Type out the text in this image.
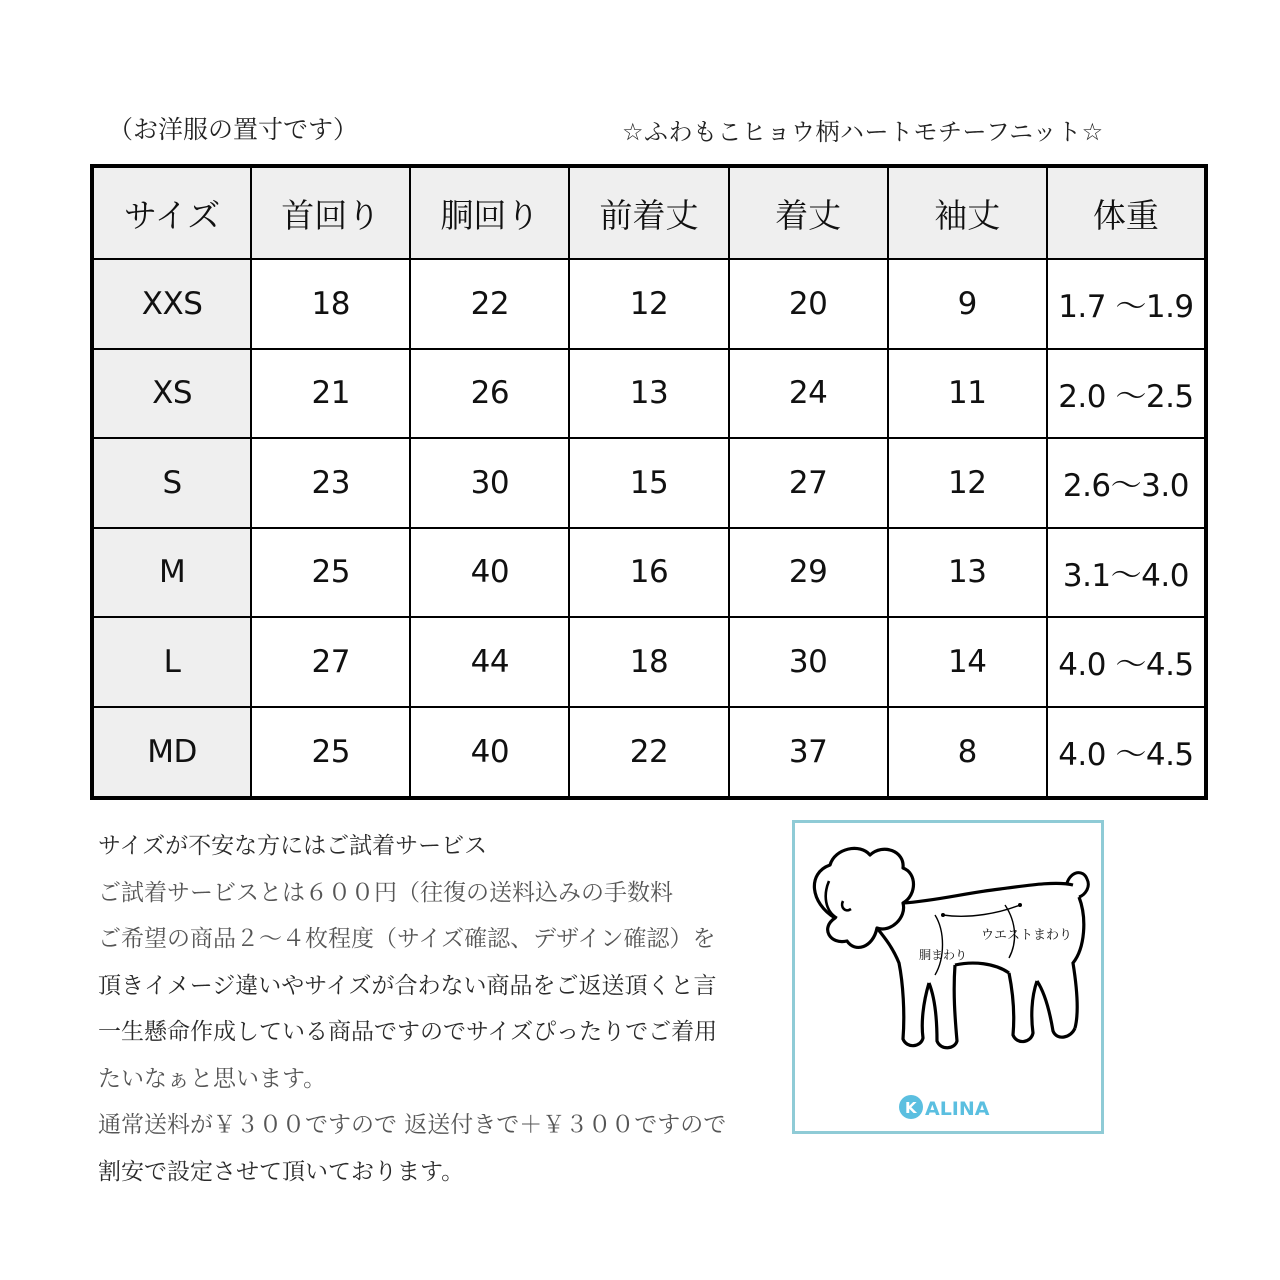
（お洋服の置寸です）	☆ふわもこヒョウ柄ハートモチーフニット☆
サイズ	首回り	胴回り	前着丈	着丈	袖丈	体重
XXS	18	22	12	20	9	1.7 〜1.9
XS	21	26	13	24	11	2.0 〜2.5
S	23	30	15	27	12	2.6〜3.0
M	25	40	16	29	13	3.1〜4.0
L	27	44	18	30	14	4.0 〜4.5
MD	25	40	22	37	8	4.0 〜4.5
サイズが不安な方にはご試着サービス
ご試着サービスとは６００円（往復の送料込みの手数料
ご希望の商品２〜４枚程度（サイズ確認、デザイン確認）を
頂きイメージ違いやサイズが合わない商品をご返送頂くと言
一生懸命作成している商品ですのでサイズぴったりでご着用
たいなぁと思います。
通常送料が￥３００ですので 返送付きで＋￥３００ですので
割安で設定させて頂いております。
ウエストまわり
胴まわり
K ALINA
